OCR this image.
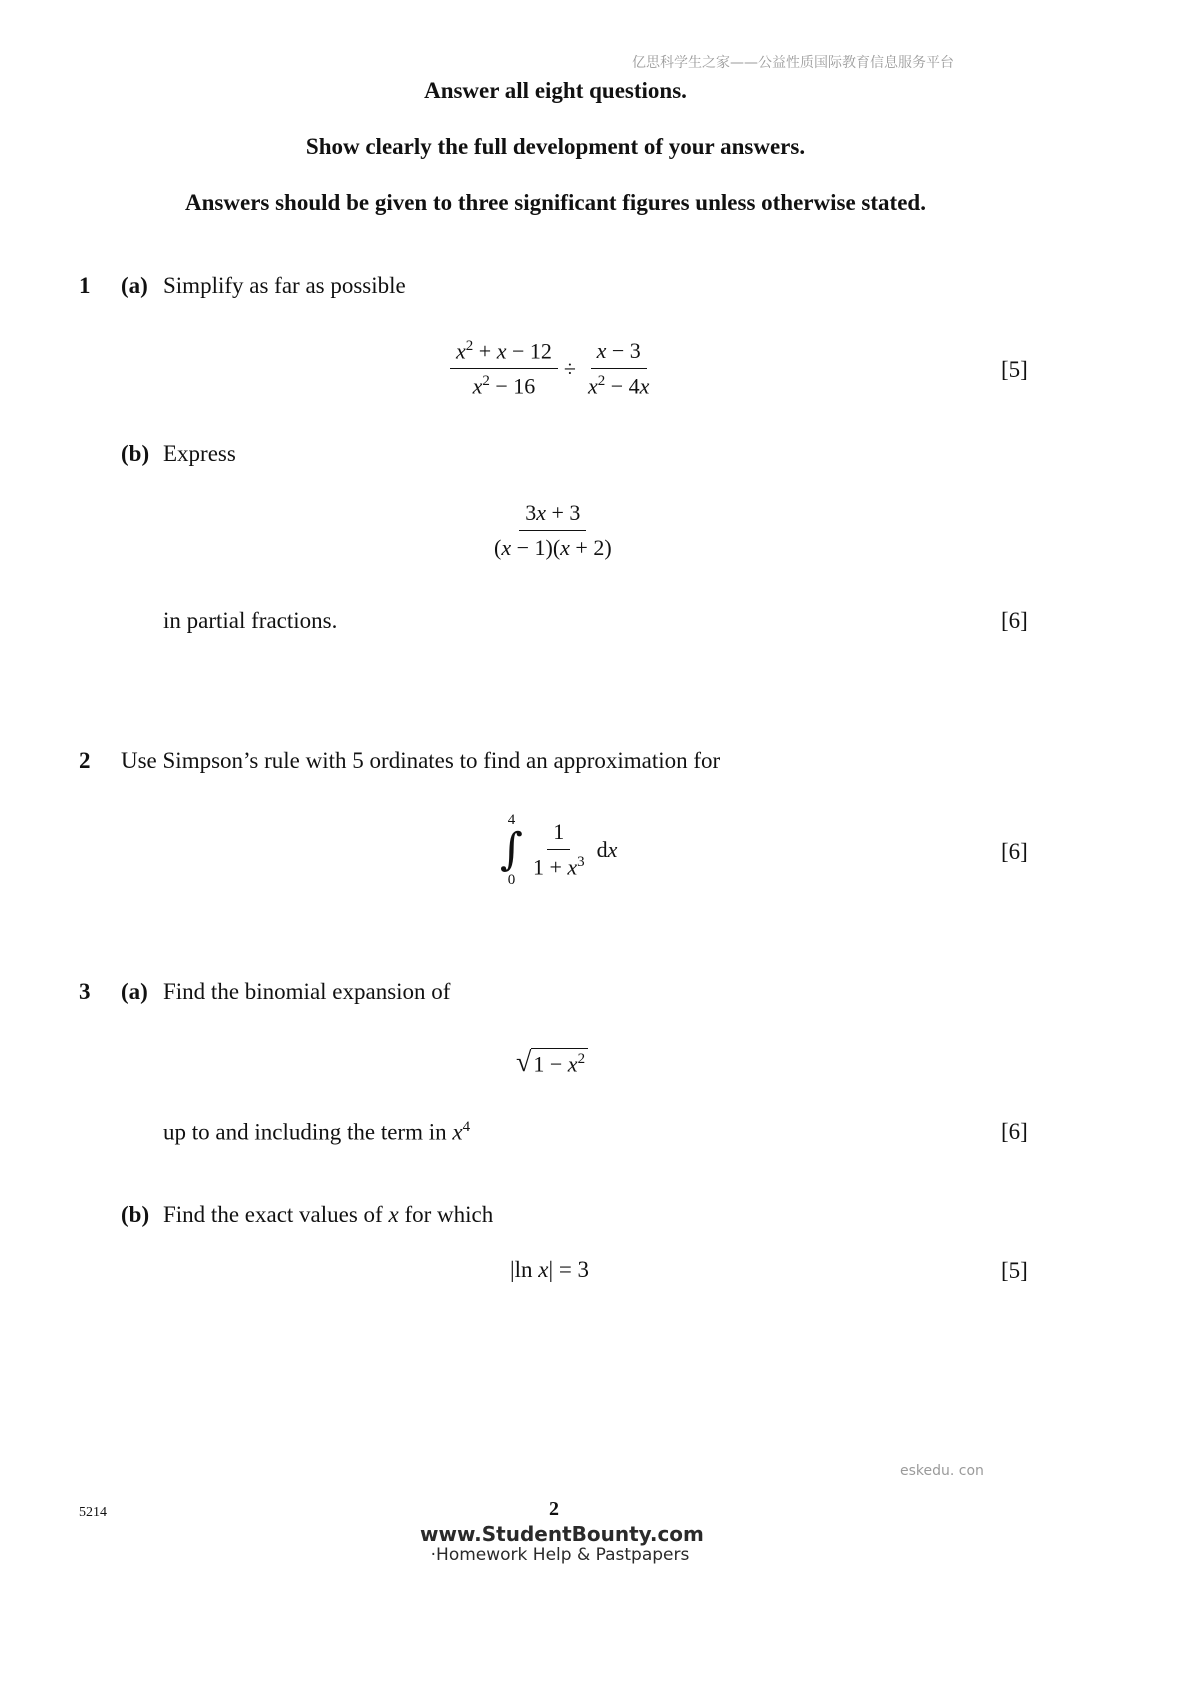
亿思科学生之家——公益性质国际教育信息服务平台
Answer all eight questions.
Show clearly the full development of your answers.
Answers should be given to three significant figures unless otherwise stated.
1 (a) Simplify as far as possible
$\frac{x^2 + x - 12}{x^2 - 16} \div \frac{x - 3}{x^2 - 4x}$	[5]
(b) Express
$\frac{3x + 3}{(x - 1)(x + 2)}$
in partial fractions.	[6]
2 Use Simpson’s rule with 5 ordinates to find an approximation for
4
∫
$0 \frac{1}{1 + x^3}$ dx	[6]
3 (a) Find the binomial expansion of
√ $1 - x^2$
up to and including the term in $x^4$	[6]
(b) Find the exact values of x for which
|ln x| = 3	[5]
eskedu. con
5214	2
www.StudentBounty.com
·Homework Help & Pastpapers
